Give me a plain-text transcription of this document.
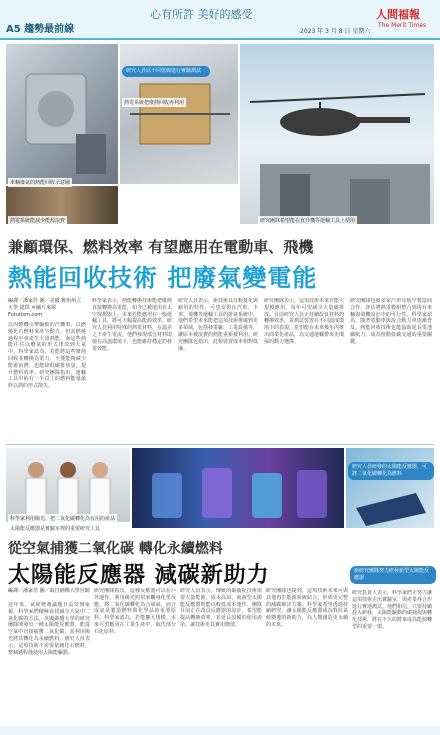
A5 趨勢最前線
心有所許 美好的感受
2023 年 3 月 8 日 星期六
人間福報
The Merit Times
研究人員以不同射線進行實驗測試
熱電系統把廢熱回收再利用
車輛廢氣的熱能回收示意圖
熱電系統能減少能源浪費	研究團隊希望能在直升機等運輸工具上使用
兼顧環保、燃料效率 有望應用在電動車、飛機
熱能回收技術 把廢氣變電能
編譯／潘家佳 圖／美國 賓州州立大學 提供 ＊圖片來源Futurism.com
以內燃機引擎驅動的汽機車、以燃燒化石燃料來產生動力，但其燃燒過程中會產生大量熱能，而這些熱能往往以廢氣的形式排放到大氣中。科學家認為，若能將這些廢熱回收並轉換為電力，不僅能夠減少能源浪費，也能降低碳排放量，提升燃料效率。研究團隊指出，運輸工具中約有一半以上的燃料能量最終以熱的形式散失。
科學家表示，熱能轉換技術能把廢熱直接轉變為電能，如今已被運用在太空探測器上，未來若能應用在一般運輸工具，將可大幅提高能源效率。研究人員利用特殊的熱電材料，在溫差之下產生電流，他們發現部分材料即使在高溫環境下，也能維持穩定的發電效能。
研究人員表示，新技術具有輕量化與耐用的特性，可望安裝在汽車、卡車、飛機等運輸工具的排氣系統中。他們希望未來能把這項技術推廣到更多領域，包括發電廠、工業設備等，讓原本被浪費的熱能重新被利用。研究團隊也指出，此類裝置成本相對低廉。
研究團隊表示，這項技術未來若能大規模應用，每年可望減少大量碳排放。目前研究人員正持續改良材料的轉換效率，並測試裝置在不同溫度環境下的表現，希望能在未來幾年內推出商業化產品，為交通運輸帶來更環保的動力選擇。
研究團隊也與多家汽車及航空製造商合作，評估將熱電模組整合到現有車輛與飛機設計中的可行性。科學家認為，隨著電動車與混合動力車逐漸普及，熱能回收技術也能協助延長電池續航力，成為推動低碳交通的重要關鍵。
科學家利用陽光、把二氧化碳轉化為有用的產品
太陽能反應器是實驗室裡的重要研究工具
研究人員研發的太陽能反應器，可將二氧化碳轉化為燃料
新研究團隊努力研發新型太陽能反應器
從空氣捕獲二氧化碳 轉化永續燃料
太陽能反應器 減碳新助力
編譯／潘家佳 圖／取自劍橋大學官網
近年來，氣候變遷議題日益受到重視，科學家們積極尋找減少大氣中二氧化碳的方法。英國劍橋大學的研究團隊開發出一種太陽能反應器，能從空氣中直接捕獲二氧化碳，並利用陽光將其轉化為永續燃料。研究人員表示，這項技術不需要依賴化石燃料，整個過程僅使用太陽能驅動。
研究團隊指出，這種反應器可以在戶外運作，利用陽光照射來觸發化學反應，將二氧化碳轉化為合成氣，而合成氣是製造燃料與化學品的重要原料。科學家認為，若能擴大規模，未來可望應用在工業生產中，取代部分石化原料。
研究人員表示，傳統的碳捕捉技術需要大量能源，成本高昂，而新型太陽能反應器則能以較低成本運作。團隊目前正在改良反應器的設計，希望能提高轉換效率，並延長設備的使用壽命，讓技術更具實用價值。
研究團隊也提到，這項技術未來可與其他再生能源系統結合，形成更完整的減碳解決方案。科學家希望透過持續研究，讓太陽能反應器成為對抗氣候變遷的新助力，為人類創造更永續的未來。
研究負責人表示，科學家們正努力讓這項技術走出實驗室，與產業界合作進行實地測試。他們相信，只要持續投入研發，太陽能驅動的碳捕捉與轉化技術，將在不久的將來成為能源轉型的重要一環。
